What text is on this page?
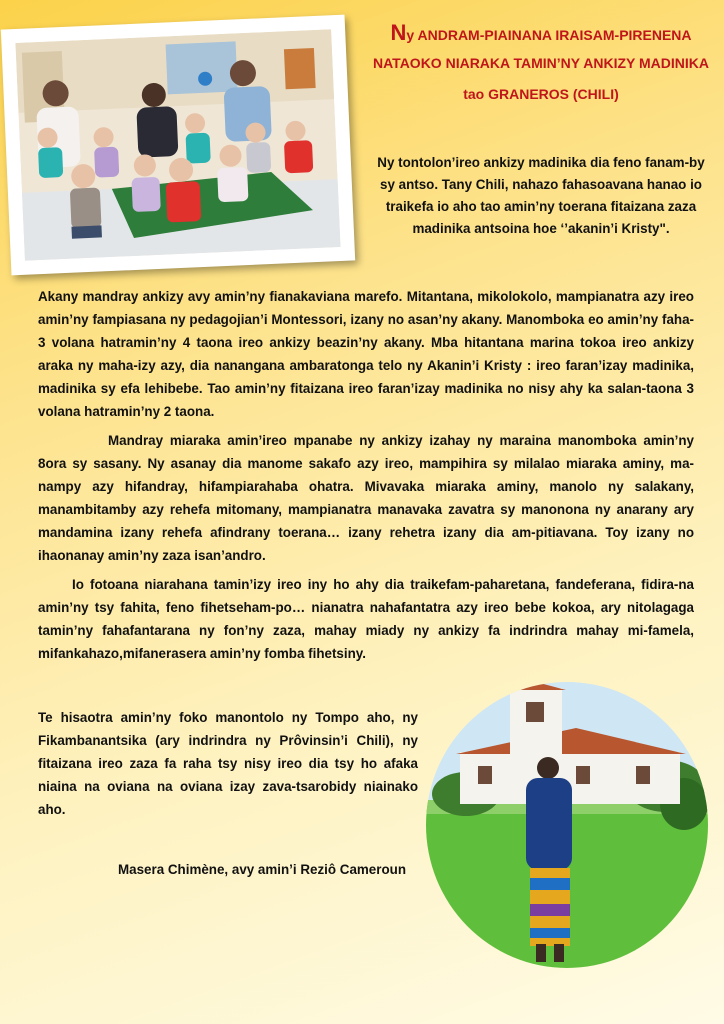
Ny ANDRAM-PIAINANA IRAISAM-PIRENENA

NATAOKO NIARAKA TAMIN’NY ANKIZY MADINIKA

tao GRANEROS (CHILI)

Ny tontolon’ireo ankizy madinika dia feno fanam-by sy antso. Tany Chili, nahazo fahasoavana hanao io traikefa io aho tao amin’ny toerana fitaizana zaza madinika antsoina hoe ‘’akanin’i Kristy".

Akany mandray ankizy avy amin’ny fianakaviana marefo. Mitantana, mikolokolo, mampianatra azy ireo amin’ny fampiasana ny pedagojian’i Montessori, izany no asan’ny akany. Manomboka eo amin’ny faha-3 volana hatramin’ny 4 taona ireo ankizy beazin’ny akany. Mba hitantana marina tokoa ireo ankizy araka ny maha-izy azy, dia nanangana ambaratonga telo ny Akanin’i Kristy : ireo faran’izay madinika, madinika sy efa lehibebe. Tao amin’ny fitaizana ireo faran’izay madinika no nisy ahy ka salan-taona 3 volana hatramin’ny 2 taona.

Mandray miaraka amin’ireo mpanabe ny ankizy izahay ny maraina manomboka amin’ny 8ora sy sasany. Ny asanay dia manome sakafo azy ireo, mampihira sy milalao miaraka aminy, ma-nampy azy hifandray, hifampiarahaba ohatra. Mivavaka miaraka aminy, manolo ny salakany, manambitamby azy rehefa mitomany, mampianatra manavaka zavatra sy manonona ny anarany ary mandamina izany rehefa afindrany toerana… izany rehetra izany dia am-pitiavana. Toy izany no ihaonanay amin’ny zaza isan’andro.

Io fotoana niarahana tamin’izy ireo iny ho ahy dia traikefam-paharetana, fandeferana, fidira-na amin’ny tsy fahita, feno fihetseham-po… nianatra nahafantatra azy ireo bebe kokoa, ary nitolagaga tamin’ny fahafantarana ny fon’ny zaza, mahay miady ny ankizy fa indrindra mahay mi-famela, mifankahazo,mifanerasera amin’ny fomba fihetsiny.

Te hisaotra amin’ny foko manontolo ny Tompo aho, ny Fikambanantsika (ary indrindra ny Prôvinsin’i Chili), ny fitaizana ireo zaza fa raha tsy nisy ireo dia tsy ho afaka niaina na oviana na oviana izay zava-tsarobidy niainako aho.

Masera Chimène, avy amin’i Reziô Cameroun
